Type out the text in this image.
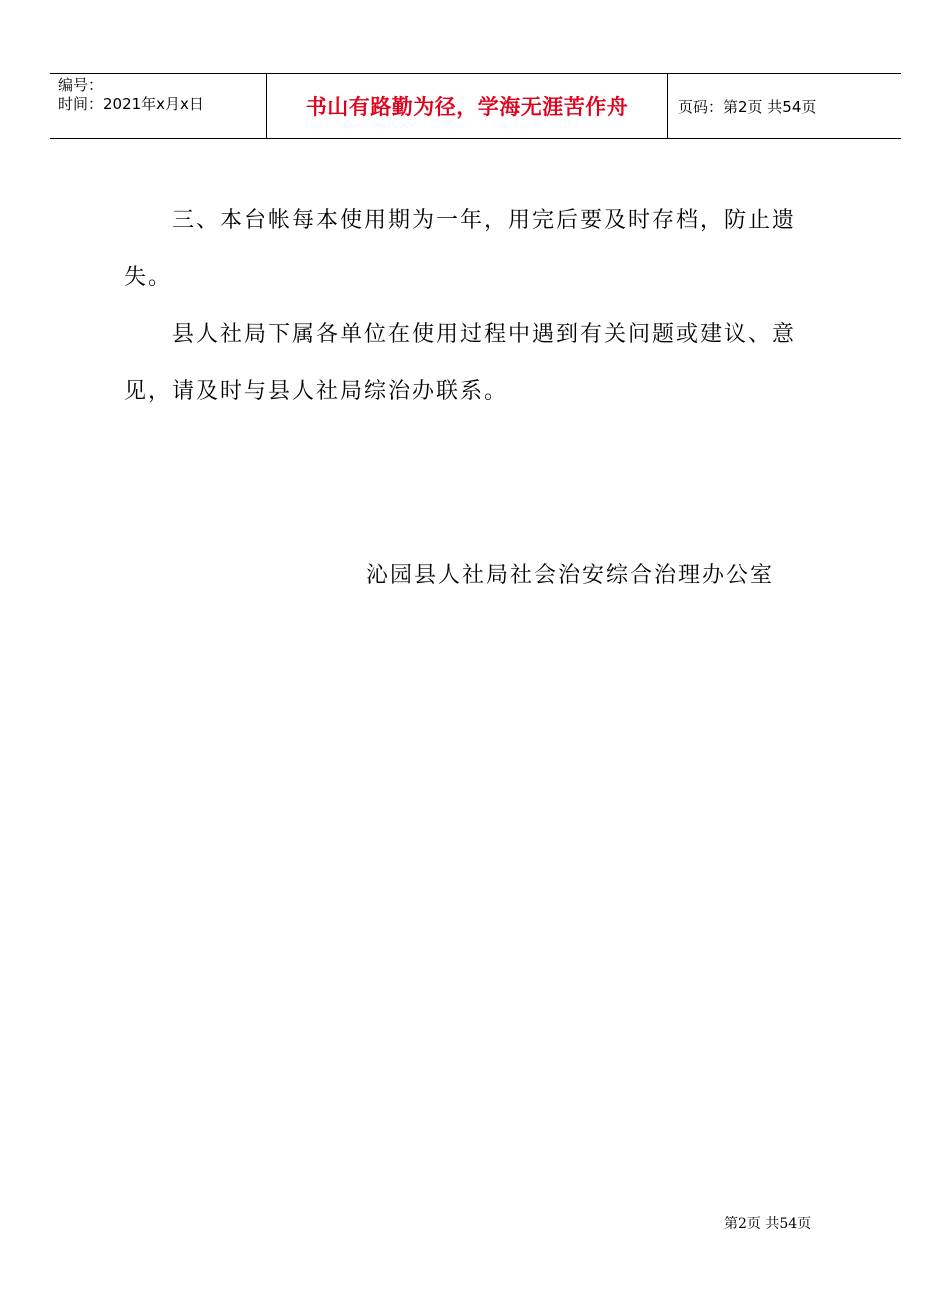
编号：
时间：2021年x月x日	书山有路勤为径，学海无涯苦作舟	页码：第2页 共54页

三、本台帐每本使用期为一年，用完后要及时存档，防止遗失。

县人社局下属各单位在使用过程中遇到有关问题或建议、意见，请及时与县人社局综治办联系。

沁园县人社局社会治安综合治理办公室
第2页 共54页
